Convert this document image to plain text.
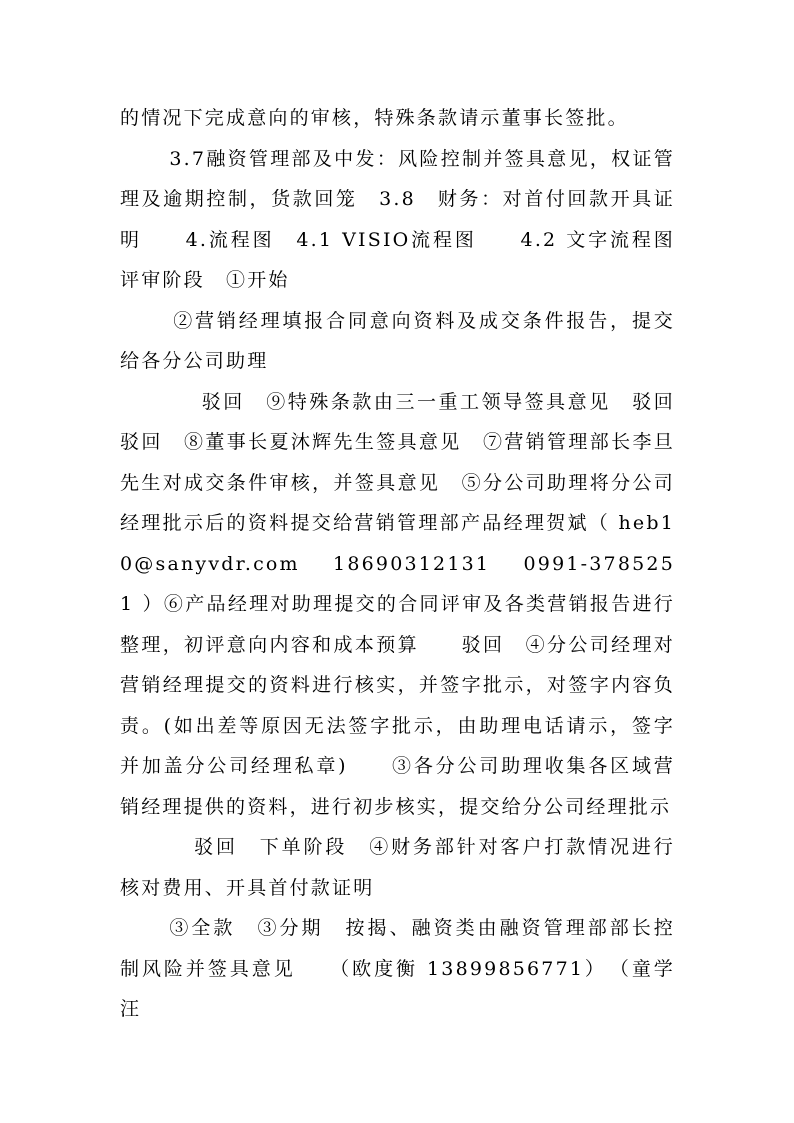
的情况下完成意向的审核，特殊条款请示董事长签批。

3.7融资管理部及中发：风险控制并签具意见，权证管理及逾期控制，货款回笼　3.8　财务：对首付回款开具证明　　4.流程图　4.1 VISIO流程图　　4.2 文字流程图　评审阶段　①开始

②营销经理填报合同意向资料及成交条件报告，提交给各分公司助理

驳回　⑨特殊条款由三一重工领导签具意见　驳回　驳回　⑧董事长夏沐辉先生签具意见　⑦营销管理部长李旦先生对成交条件审核，并签具意见　⑤分公司助理将分公司经理批示后的资料提交给营销管理部产品经理贺斌（ heb10@sanyvdr.com　 18690312131　 0991-3785251 ）⑥产品经理对助理提交的合同评审及各类营销报告进行整理，初评意向内容和成本预算　　驳回　④分公司经理对营销经理提交的资料进行核实，并签字批示，对签字内容负责。(如出差等原因无法签字批示，由助理电话请示，签字并加盖分公司经理私章)　　③各分公司助理收集各区域营销经理提供的资料，进行初步核实，提交给分公司经理批示

驳回　下单阶段　④财务部针对客户打款情况进行核对费用、开具首付款证明

③全款　③分期　按揭、融资类由融资管理部部长控制风险并签具意见　　（欧度衡 13899856771）　（童学汪
